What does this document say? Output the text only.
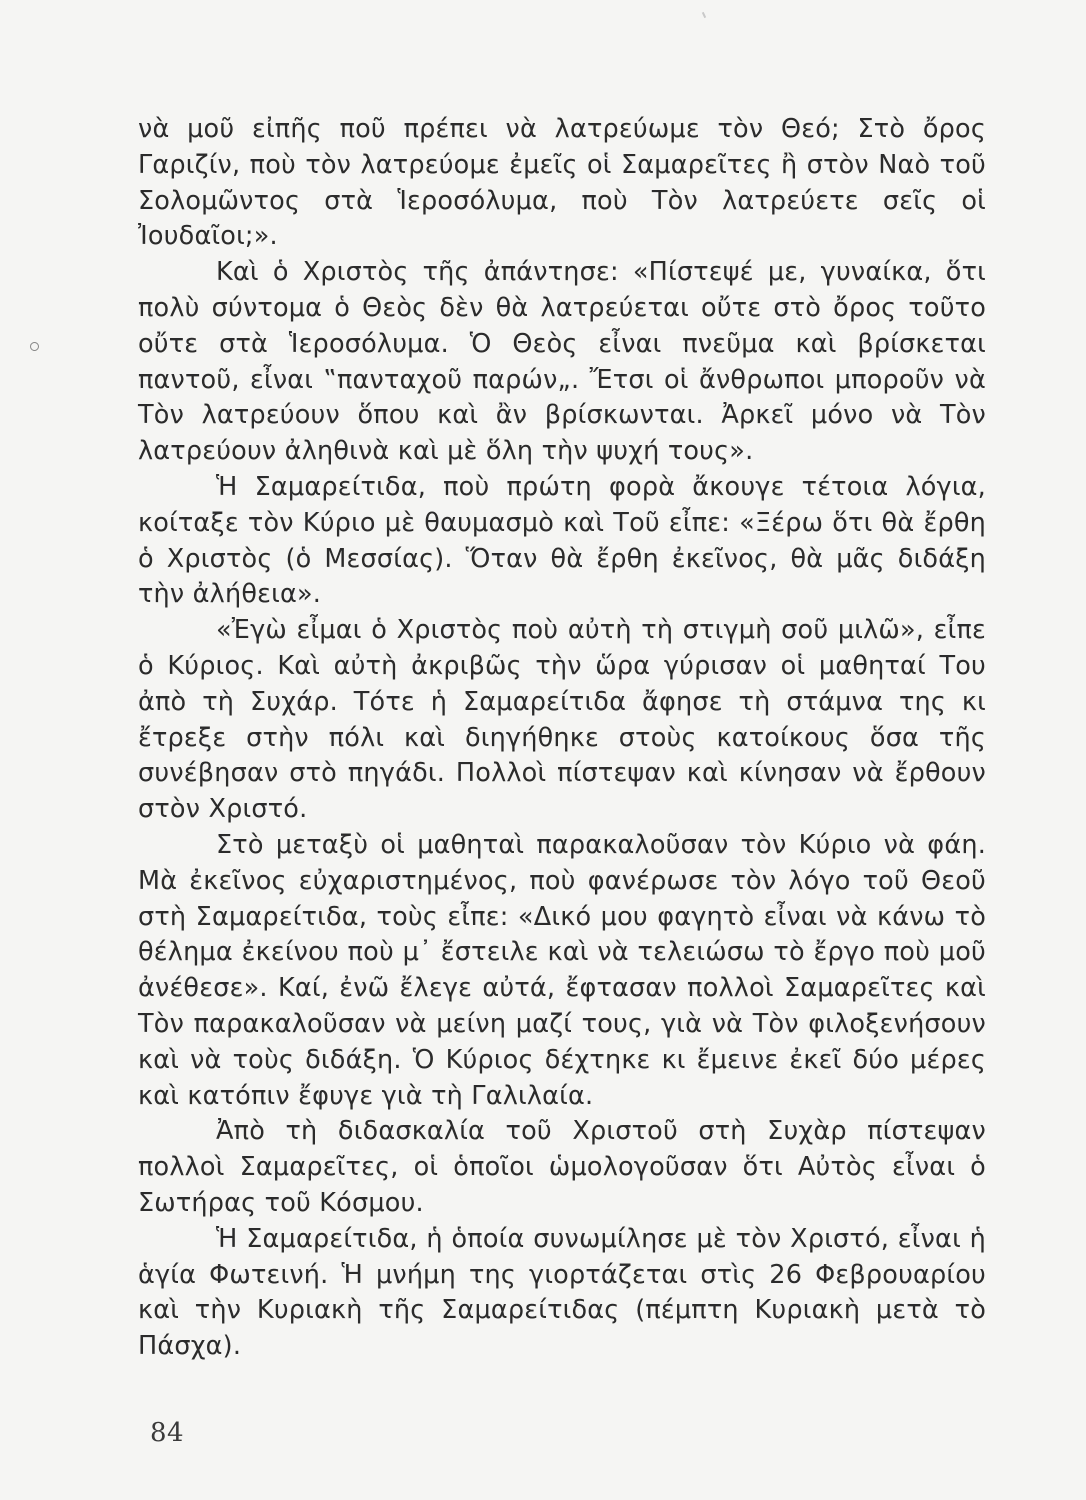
νὰ μοῦ εἰπῆς ποῦ πρέπει νὰ λατρεύωμε τὸν Θεό; Στὸ ὄρος Γαριζίν, ποὺ τὸν λατρεύομε ἐμεῖς οἱ Σαμαρεῖτες ἢ στὸν Ναὸ τοῦ Σολομῶντος στὰ Ἱεροσόλυμα, ποὺ Τὸν λατρεύετε σεῖς οἱ Ἰουδαῖοι;».

Καὶ ὁ Χριστὸς τῆς ἀπάντησε: «Πίστεψέ με, γυναίκα, ὅτι πολὺ σύντομα ὁ Θεὸς δὲν θὰ λατρεύεται οὔτε στὸ ὄρος τοῦτο οὔτε στὰ Ἱεροσόλυμα. Ὁ Θεὸς εἶναι πνεῦμα καὶ βρίσκεται παντοῦ, εἶναι ‟πανταχοῦ παρών„. Ἔτσι οἱ ἄνθρωποι μποροῦν νὰ Τὸν λατρεύουν ὅπου καὶ ἂν βρίσκωνται. Ἀρκεῖ μόνο νὰ Τὸν λατρεύουν ἀληθινὰ καὶ μὲ ὅλη τὴν ψυχή τους».

Ἡ Σαμαρείτιδα, ποὺ πρώτη φορὰ ἄκουγε τέτοια λόγια, κοίταξε τὸν Κύριο μὲ θαυμασμὸ καὶ Τοῦ εἶπε: «Ξέρω ὅτι θὰ ἔρθη ὁ Χριστὸς (ὁ Μεσσίας). Ὅταν θὰ ἔρθη ἐκεῖνος, θὰ μᾶς διδάξη τὴν ἀλήθεια».

«Ἐγὼ εἶμαι ὁ Χριστὸς ποὺ αὐτὴ τὴ στιγμὴ σοῦ μιλῶ», εἶπε ὁ Κύριος. Καὶ αὐτὴ ἀκριβῶς τὴν ὥρα γύρισαν οἱ μαθηταί Του ἀπὸ τὴ Συχάρ. Τότε ἡ Σαμαρείτιδα ἄφησε τὴ στάμνα της κι ἔτρεξε στὴν πόλι καὶ διηγήθηκε στοὺς κατοίκους ὅσα τῆς συνέβησαν στὸ πηγάδι. Πολλοὶ πίστεψαν καὶ κίνησαν νὰ ἔρθουν στὸν Χριστό.

Στὸ μεταξὺ οἱ μαθηταὶ παρακαλοῦσαν τὸν Κύριο νὰ φάη. Μὰ ἐκεῖνος εὐχαριστημένος, ποὺ φανέρωσε τὸν λόγο τοῦ Θεοῦ στὴ Σαμαρείτιδα, τοὺς εἶπε: «Δικό μου φαγητὸ εἶναι νὰ κάνω τὸ θέλημα ἐκείνου ποὺ μ᾿ ἔστειλε καὶ νὰ τελειώσω τὸ ἔργο ποὺ μοῦ ἀνέθεσε». Καί, ἐνῶ ἔλεγε αὐτά, ἔφτασαν πολλοὶ Σαμαρεῖτες καὶ Τὸν παρακαλοῦσαν νὰ μείνη μαζί τους, γιὰ νὰ Τὸν φιλοξενήσουν καὶ νὰ τοὺς διδάξη. Ὁ Κύριος δέχτηκε κι ἔμεινε ἐκεῖ δύο μέρες καὶ κατόπιν ἔφυγε γιὰ τὴ Γαλιλαία.

Ἀπὸ τὴ διδασκαλία τοῦ Χριστοῦ στὴ Συχὰρ πίστεψαν πολλοὶ Σαμαρεῖτες, οἱ ὁποῖοι ὡμολογοῦσαν ὅτι Αὐτὸς εἶναι ὁ Σωτήρας τοῦ Κόσμου.

Ἡ Σαμαρείτιδα, ἡ ὁποία συνωμίλησε μὲ τὸν Χριστό, εἶναι ἡ ἁγία Φωτεινή. Ἡ μνήμη της γιορτάζεται στὶς 26 Φεβρουαρίου καὶ τὴν Κυριακὴ τῆς Σαμαρείτιδας (πέμπτη Κυριακὴ μετὰ τὸ Πάσχα).

84
